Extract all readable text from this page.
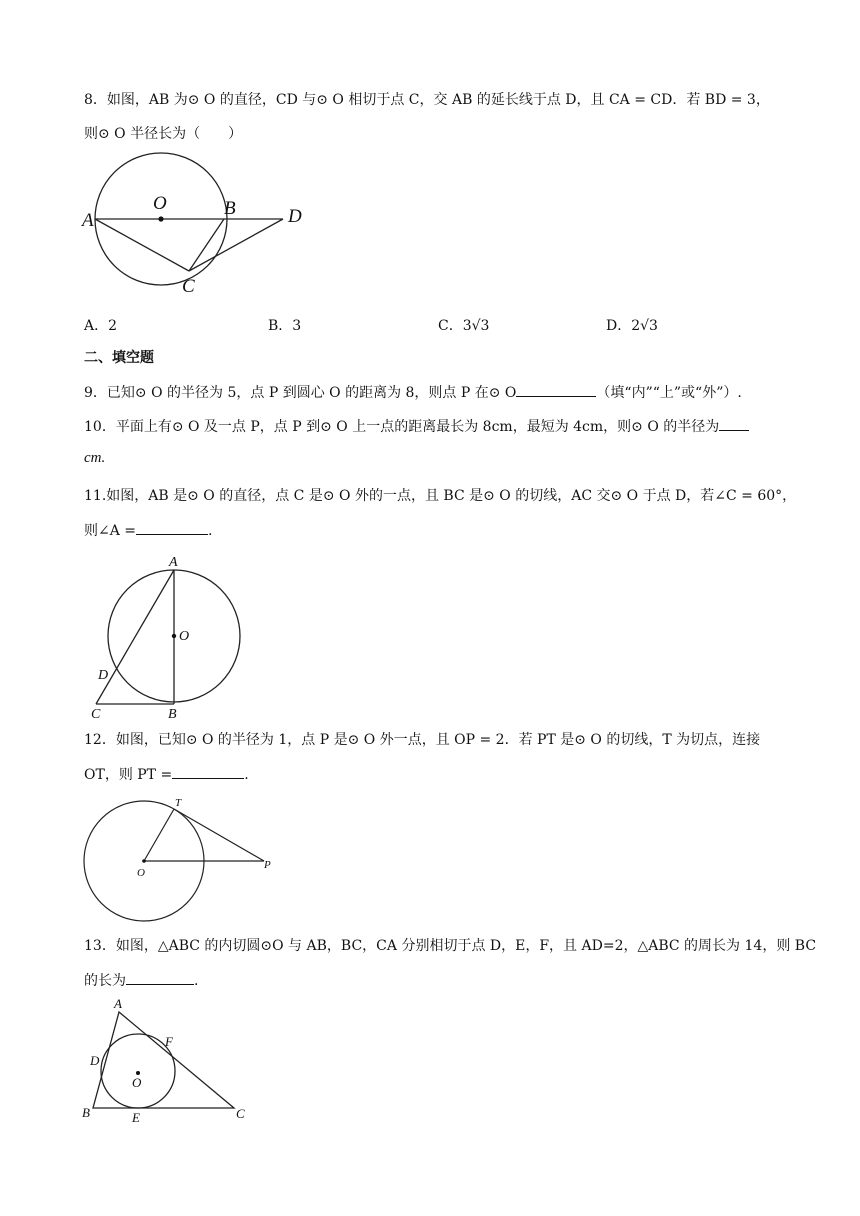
8．如图，AB 为⊙ O 的直径，CD 与⊙ O 相切于点 C，交 AB 的延长线于点 D，且 CA = CD．若 BD = 3，
则⊙ O 半径长为（　　）
A
O	B	D
C
A．2	B．3	C．3√3	D．2√3
二、填空题
9．已知⊙ O 的半径为 5，点 P 到圆心 O 的距离为 8，则点 P 在⊙ O	（填“内”“上”或“外”）.
10．平面上有⊙ O 及一点 P，点 P 到⊙ O 上一点的距离最长为 8cm，最短为 4cm，则⊙ O 的半径为
cm.
11.如图，AB 是⊙ O 的直径，点 C 是⊙ O 外的一点，且 BC 是⊙ O 的切线，AC 交⊙ O 于点 D，若∠C = 60°，
则∠A =	.
A
O
D
C	B
12．如图，已知⊙ O 的半径为 1，点 P 是⊙ O 外一点，且 OP = 2．若 PT 是⊙ O 的切线，T 为切点，连接
OT，则 PT =	.
T
O
P
13．如图，△ABC 的内切圆⊙O 与 AB，BC，CA 分别相切于点 D，E，F，且 AD=2，△ABC 的周长为 14，则 BC
的长为	.
A
D
F
O
B	E	C
